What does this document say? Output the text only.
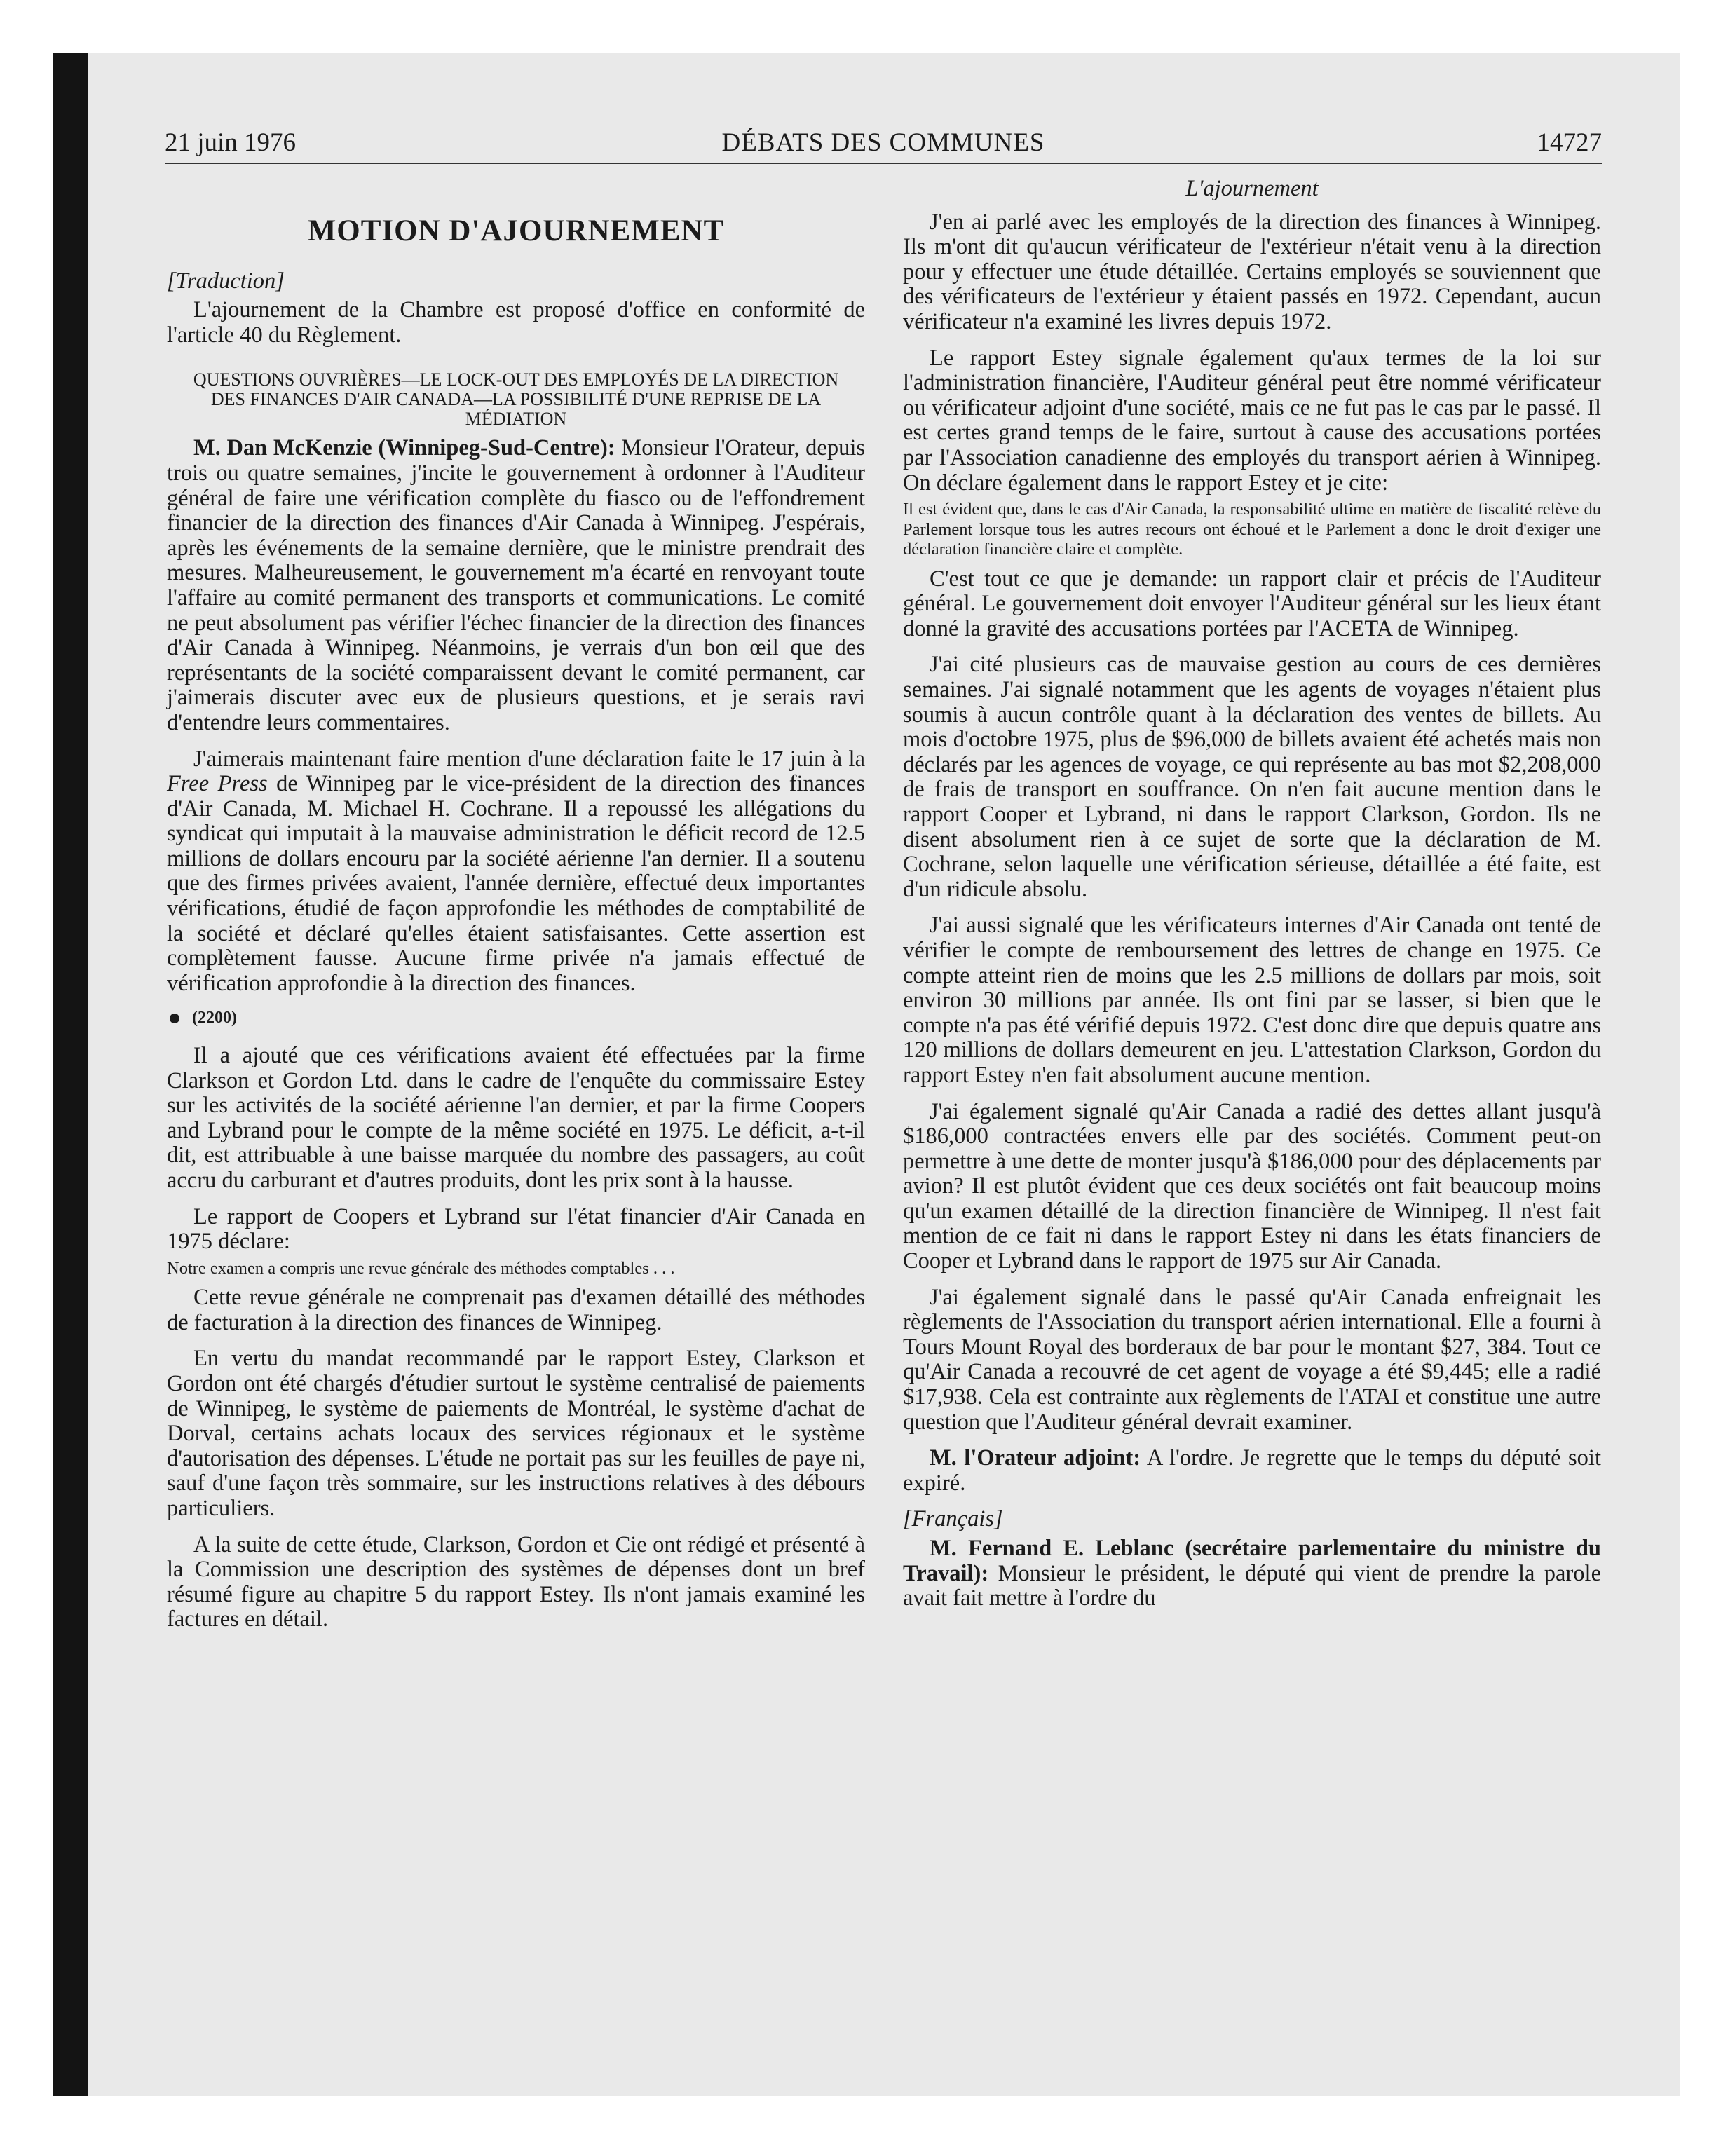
21 juin 1976	DÉBATS DES COMMUNES	14727
MOTION D'AJOURNEMENT

[Traduction]

L'ajournement de la Chambre est proposé d'office en conformité de l'article 40 du Règlement.

QUESTIONS OUVRIÈRES—LE LOCK-OUT DES EMPLOYÉS DE LA DIRECTION DES FINANCES D'AIR CANADA—LA POSSIBILITÉ D'UNE REPRISE DE LA MÉDIATION

M. Dan McKenzie (Winnipeg-Sud-Centre): Monsieur l'Orateur, depuis trois ou quatre semaines, j'incite le gouvernement à ordonner à l'Auditeur général de faire une vérification complète du fiasco ou de l'effondrement financier de la direction des finances d'Air Canada à Winnipeg. J'espérais, après les événements de la semaine dernière, que le ministre prendrait des mesures. Malheureusement, le gouvernement m'a écarté en renvoyant toute l'affaire au comité permanent des transports et communications. Le comité ne peut absolument pas vérifier l'échec financier de la direction des finances d'Air Canada à Winnipeg. Néanmoins, je verrais d'un bon œil que des représentants de la société comparaissent devant le comité permanent, car j'aimerais discuter avec eux de plusieurs questions, et je serais ravi d'entendre leurs commentaires.

J'aimerais maintenant faire mention d'une déclaration faite le 17 juin à la Free Press de Winnipeg par le vice-président de la direction des finances d'Air Canada, M. Michael H. Cochrane. Il a repoussé les allégations du syndicat qui imputait à la mauvaise administration le déficit record de 12.5 millions de dollars encouru par la société aérienne l'an dernier. Il a soutenu que des firmes privées avaient, l'année dernière, effectué deux importantes vérifications, étudié de façon approfondie les méthodes de comptabilité de la société et déclaré qu'elles étaient satisfaisantes. Cette assertion est complètement fausse. Aucune firme privée n'a jamais effectué de vérification approfondie à la direction des finances.

(2200)

Il a ajouté que ces vérifications avaient été effectuées par la firme Clarkson et Gordon Ltd. dans le cadre de l'enquête du commissaire Estey sur les activités de la société aérienne l'an dernier, et par la firme Coopers and Lybrand pour le compte de la même société en 1975. Le déficit, a-t-il dit, est attribuable à une baisse marquée du nombre des passagers, au coût accru du carburant et d'autres produits, dont les prix sont à la hausse.

Le rapport de Coopers et Lybrand sur l'état financier d'Air Canada en 1975 déclare:

Notre examen a compris une revue générale des méthodes comptables . . .

Cette revue générale ne comprenait pas d'examen détaillé des méthodes de facturation à la direction des finances de Winnipeg.

En vertu du mandat recommandé par le rapport Estey, Clarkson et Gordon ont été chargés d'étudier surtout le système centralisé de paiements de Winnipeg, le système de paiements de Montréal, le système d'achat de Dorval, certains achats locaux des services régionaux et le système d'autorisation des dépenses. L'étude ne portait pas sur les feuilles de paye ni, sauf d'une façon très sommaire, sur les instructions relatives à des débours particuliers.

A la suite de cette étude, Clarkson, Gordon et Cie ont rédigé et présenté à la Commission une description des systèmes de dépenses dont un bref résumé figure au chapitre 5 du rapport Estey. Ils n'ont jamais examiné les factures en détail.

L'ajournement

J'en ai parlé avec les employés de la direction des finances à Winnipeg. Ils m'ont dit qu'aucun vérificateur de l'extérieur n'était venu à la direction pour y effectuer une étude détaillée. Certains employés se souviennent que des vérificateurs de l'extérieur y étaient passés en 1972. Cependant, aucun vérificateur n'a examiné les livres depuis 1972.

Le rapport Estey signale également qu'aux termes de la loi sur l'administration financière, l'Auditeur général peut être nommé vérificateur ou vérificateur adjoint d'une société, mais ce ne fut pas le cas par le passé. Il est certes grand temps de le faire, surtout à cause des accusations portées par l'Association canadienne des employés du transport aérien à Winnipeg. On déclare également dans le rapport Estey et je cite:

Il est évident que, dans le cas d'Air Canada, la responsabilité ultime en matière de fiscalité relève du Parlement lorsque tous les autres recours ont échoué et le Parlement a donc le droit d'exiger une déclaration financière claire et complète.

C'est tout ce que je demande: un rapport clair et précis de l'Auditeur général. Le gouvernement doit envoyer l'Auditeur général sur les lieux étant donné la gravité des accusations portées par l'ACETA de Winnipeg.

J'ai cité plusieurs cas de mauvaise gestion au cours de ces dernières semaines. J'ai signalé notamment que les agents de voyages n'étaient plus soumis à aucun contrôle quant à la déclaration des ventes de billets. Au mois d'octobre 1975, plus de $96,000 de billets avaient été achetés mais non déclarés par les agences de voyage, ce qui représente au bas mot $2,208,000 de frais de transport en souffrance. On n'en fait aucune mention dans le rapport Cooper et Lybrand, ni dans le rapport Clarkson, Gordon. Ils ne disent absolument rien à ce sujet de sorte que la déclaration de M. Cochrane, selon laquelle une vérification sérieuse, détaillée a été faite, est d'un ridicule absolu.

J'ai aussi signalé que les vérificateurs internes d'Air Canada ont tenté de vérifier le compte de remboursement des lettres de change en 1975. Ce compte atteint rien de moins que les 2.5 millions de dollars par mois, soit environ 30 millions par année. Ils ont fini par se lasser, si bien que le compte n'a pas été vérifié depuis 1972. C'est donc dire que depuis quatre ans 120 millions de dollars demeurent en jeu. L'attestation Clarkson, Gordon du rapport Estey n'en fait absolument aucune mention.

J'ai également signalé qu'Air Canada a radié des dettes allant jusqu'à $186,000 contractées envers elle par des sociétés. Comment peut-on permettre à une dette de monter jusqu'à $186,000 pour des déplacements par avion? Il est plutôt évident que ces deux sociétés ont fait beaucoup moins qu'un examen détaillé de la direction financière de Winnipeg. Il n'est fait mention de ce fait ni dans le rapport Estey ni dans les états financiers de Cooper et Lybrand dans le rapport de 1975 sur Air Canada.

J'ai également signalé dans le passé qu'Air Canada enfreignait les règlements de l'Association du transport aérien international. Elle a fourni à Tours Mount Royal des borderaux de bar pour le montant $27, 384. Tout ce qu'Air Canada a recouvré de cet agent de voyage a été $9,445; elle a radié $17,938. Cela est contrainte aux règlements de l'ATAI et constitue une autre question que l'Auditeur général devrait examiner.

M. l'Orateur adjoint: A l'ordre. Je regrette que le temps du député soit expiré.

[Français]

M. Fernand E. Leblanc (secrétaire parlementaire du ministre du Travail): Monsieur le président, le député qui vient de prendre la parole avait fait mettre à l'ordre du
